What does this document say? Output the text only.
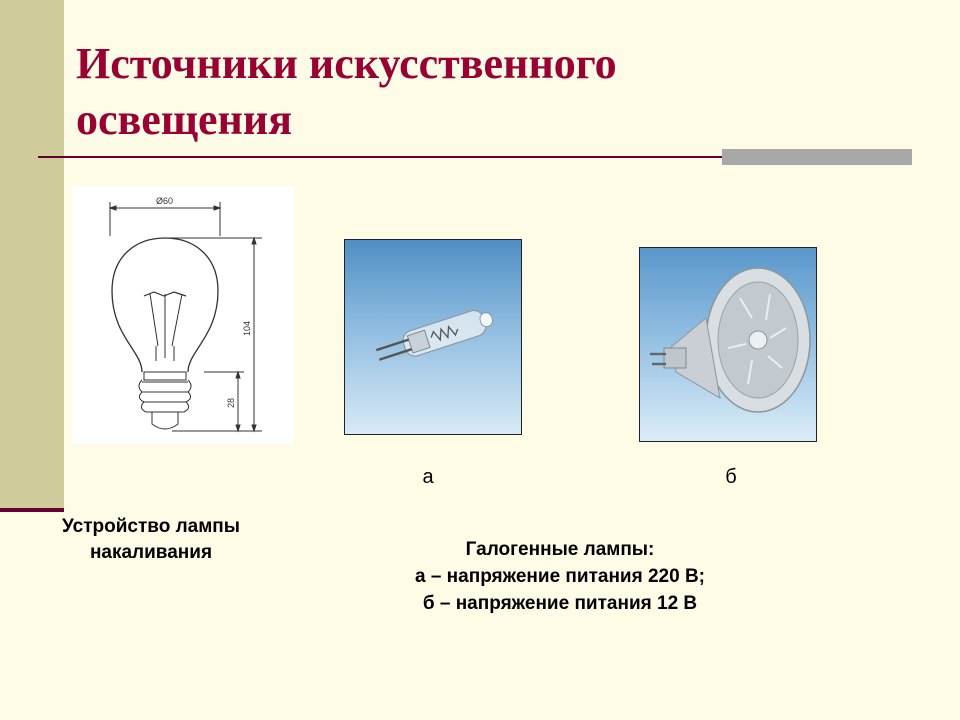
Источники искусственного
освещения
Ø60
104
28
а	б
Устройство лампы
накаливания	Галогенные лампы:
а – напряжение питания 220 В;
б – напряжение питания 12 В
